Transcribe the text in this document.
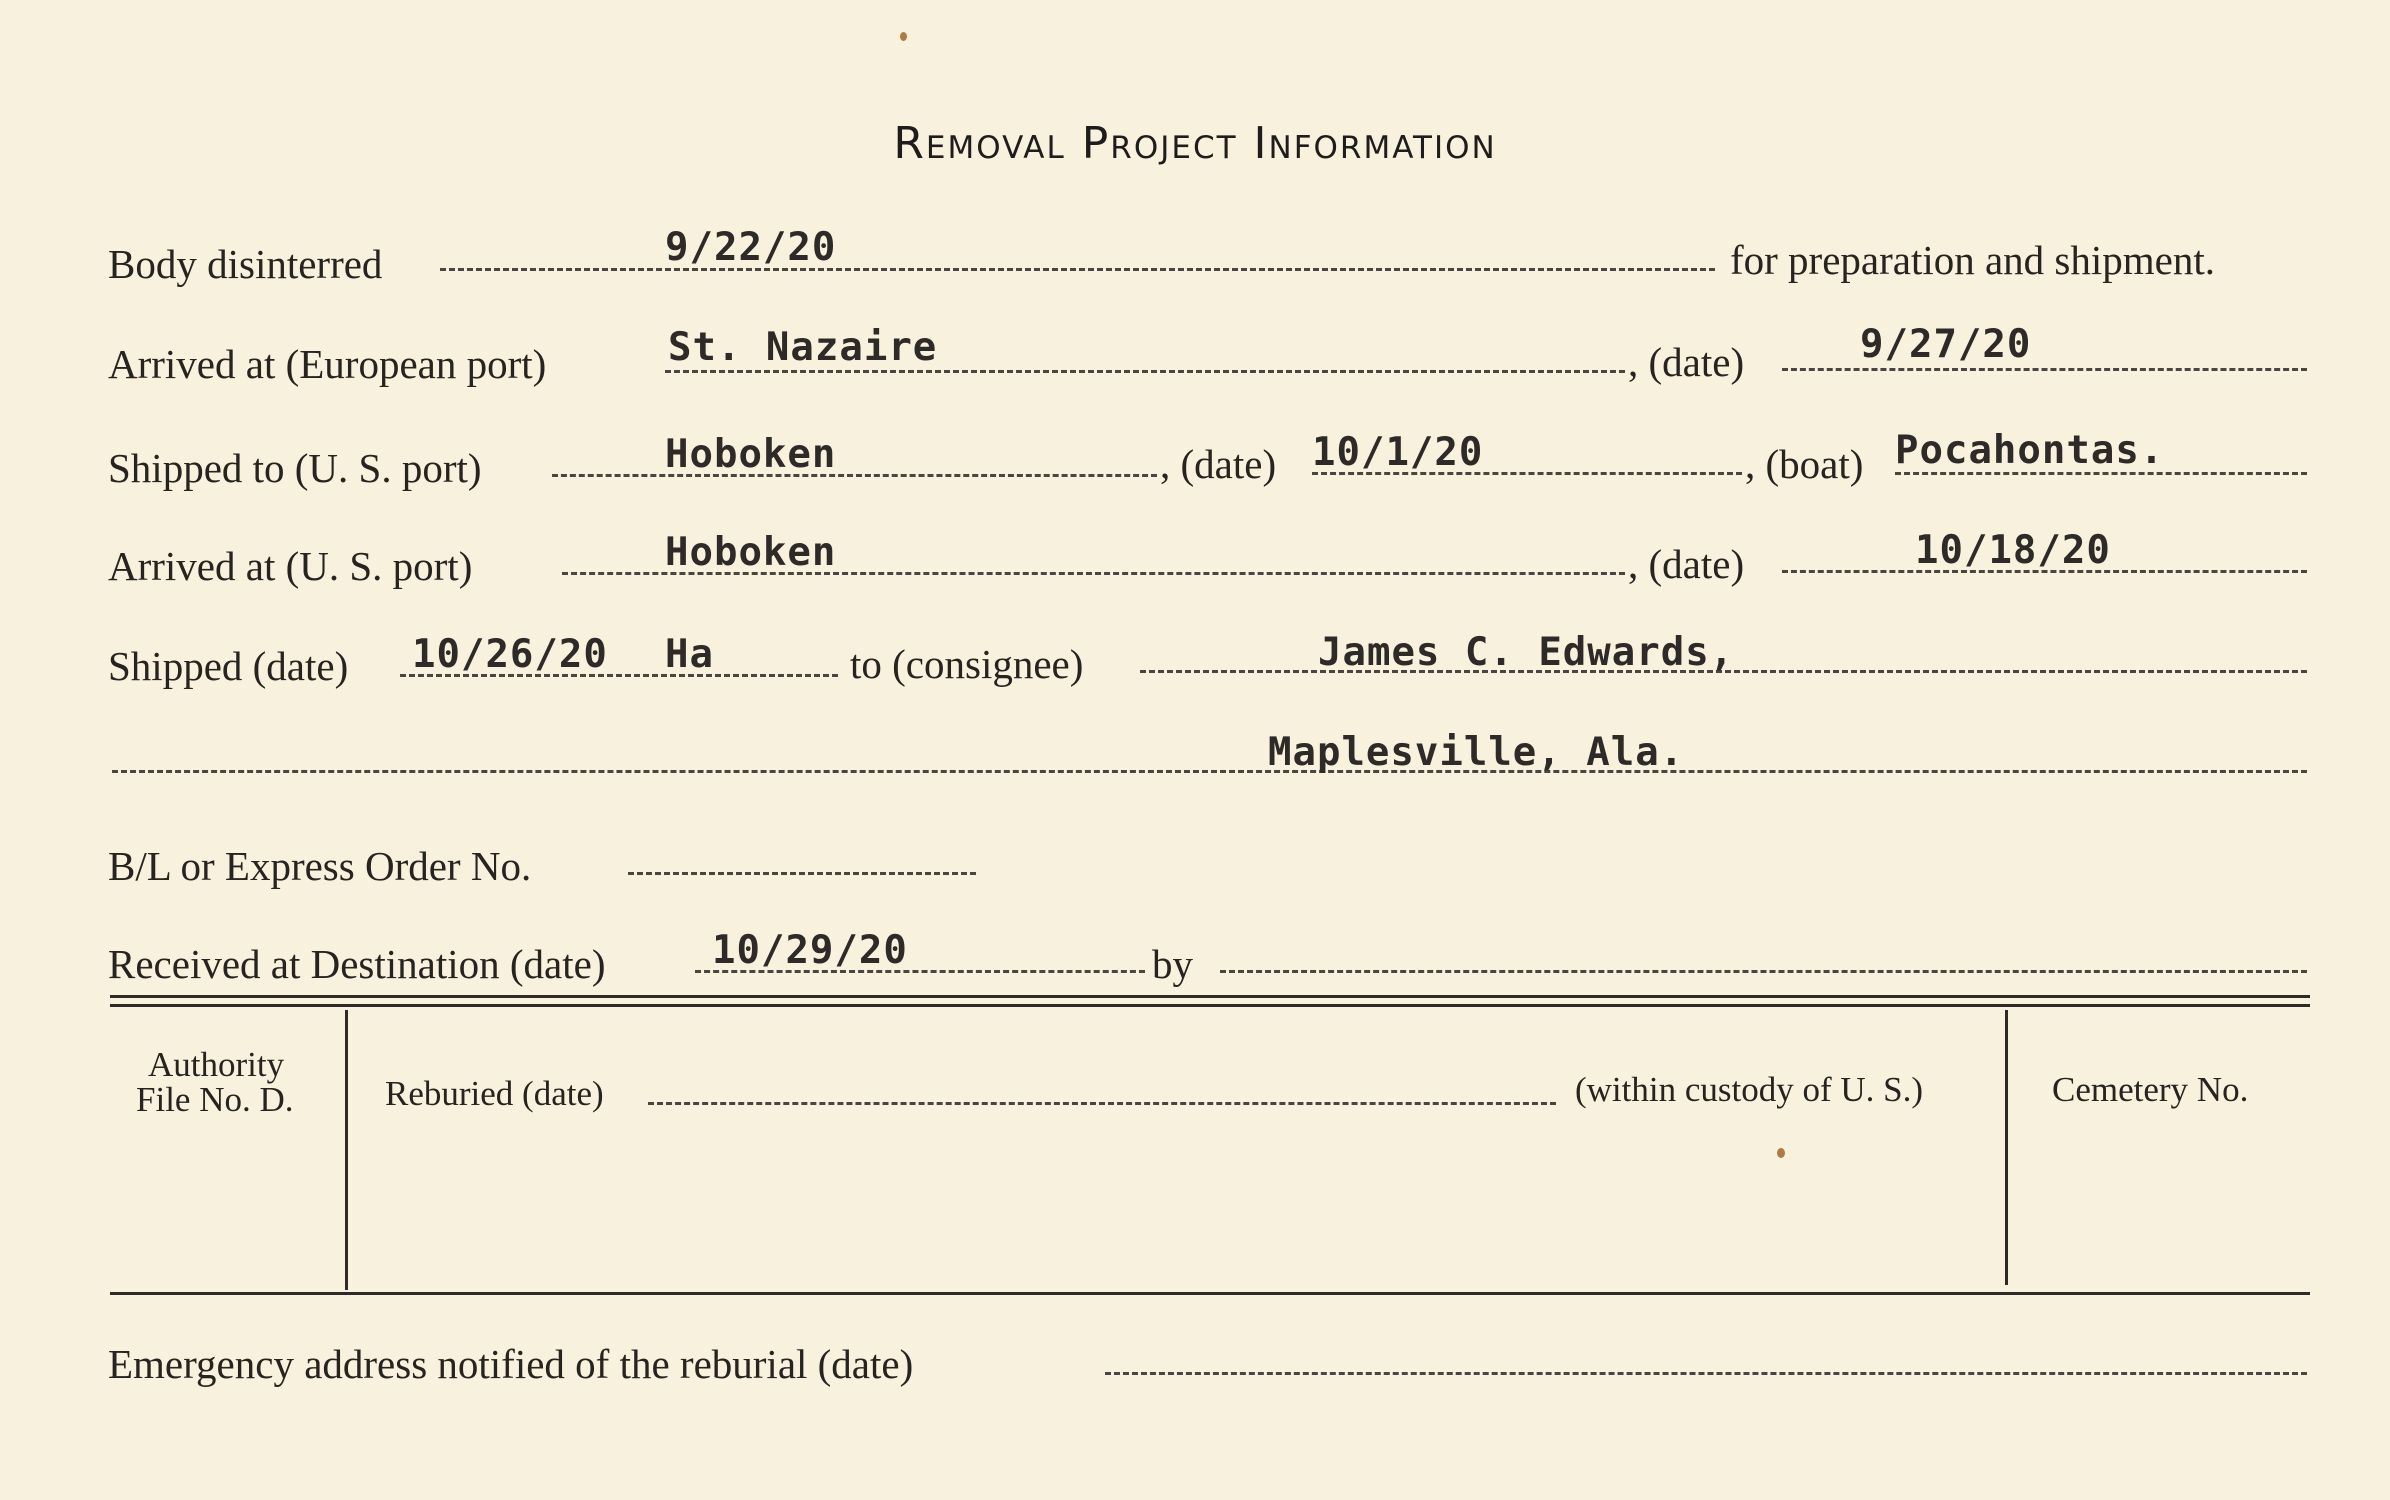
Removal Project Information
Body disinterred	9/22/20	for preparation and shipment.
Arrived at (European port)	St. Nazaire	, (date)	9/27/20
Shipped to (U. S. port)	Hoboken	, (date) 10/1/20	, (boat) Pocahontas.
Arrived at (U. S. port)	Hoboken	, (date)	10/18/20
Shipped (date) 10/26/20 Ha	to (consignee)	James C. Edwards,
Maplesville, Ala.
B/L or Express Order No.
Received at Destination (date)	10/29/20	by
Authority
File No. D.	Reburied (date)	(within custody of U. S.)	Cemetery No.
Emergency address notified of the reburial (date)
